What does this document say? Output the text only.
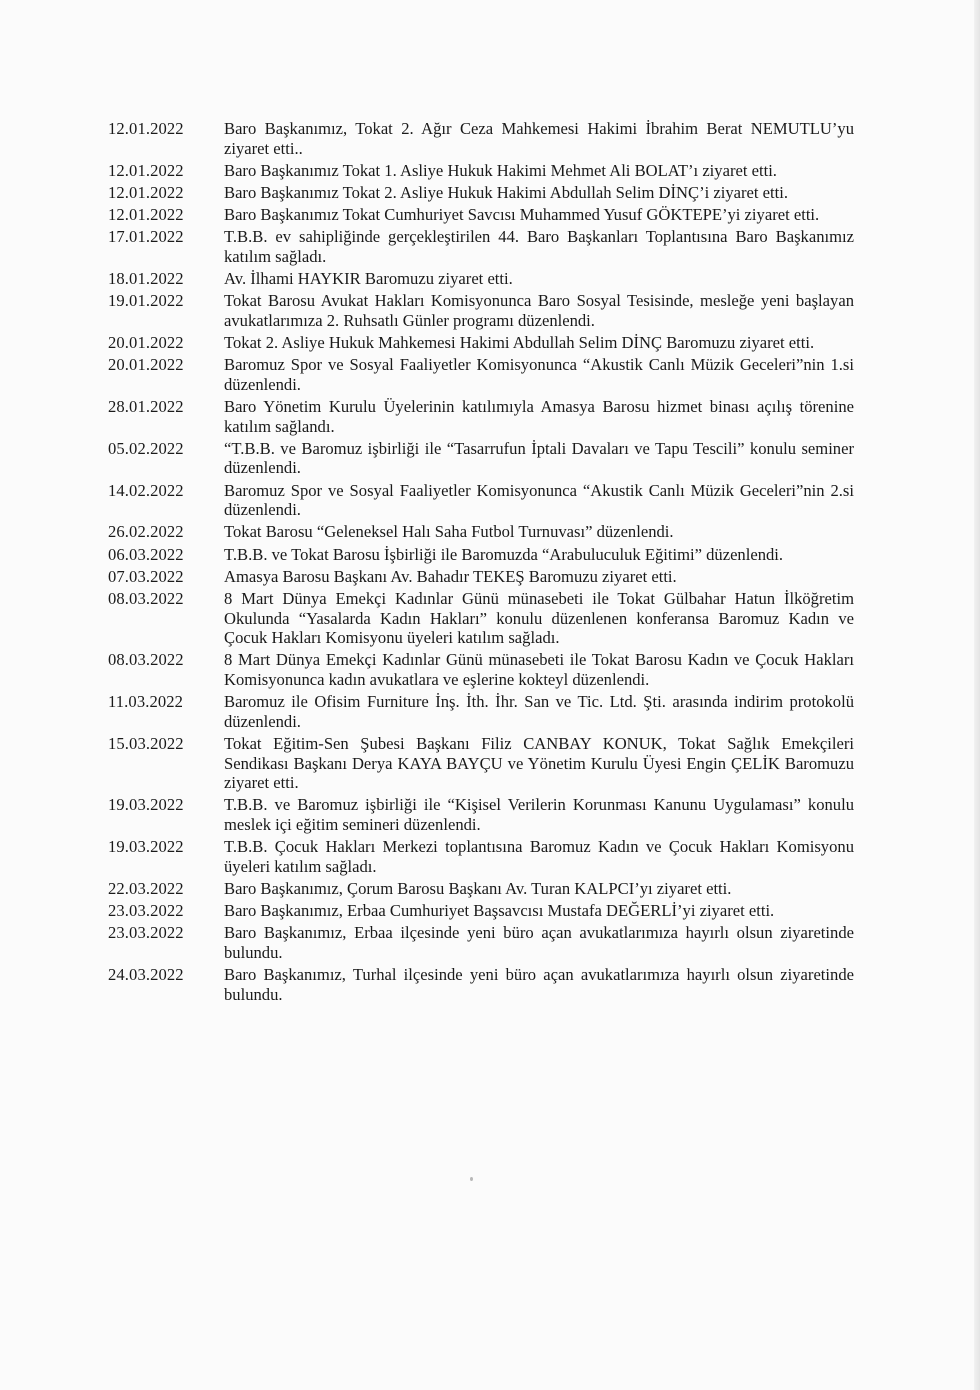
12.01.2022	Baro Başkanımız, Tokat 2. Ağır Ceza Mahkemesi Hakimi İbrahim Berat NEMUTLU’yu ziyaret etti..
12.01.2022	Baro Başkanımız Tokat 1. Asliye Hukuk Hakimi Mehmet Ali BOLAT’ı ziyaret etti.
12.01.2022	Baro Başkanımız Tokat 2. Asliye Hukuk Hakimi Abdullah Selim DİNÇ’i ziyaret etti.
12.01.2022	Baro Başkanımız Tokat Cumhuriyet Savcısı Muhammed Yusuf GÖKTEPE’yi ziyaret etti.
17.01.2022	T.B.B. ev sahipliğinde gerçekleştirilen 44. Baro Başkanları Toplantısına Baro Başkanımız katılım sağladı.
18.01.2022	Av. İlhami HAYKIR Baromuzu ziyaret etti.
19.01.2022	Tokat Barosu Avukat Hakları Komisyonunca Baro Sosyal Tesisinde, mesleğe yeni başlayan avukatlarımıza 2. Ruhsatlı Günler programı düzenlendi.
20.01.2022	Tokat 2. Asliye Hukuk Mahkemesi Hakimi Abdullah Selim DİNÇ Baromuzu ziyaret etti.
20.01.2022	Baromuz Spor ve Sosyal Faaliyetler Komisyonunca “Akustik Canlı Müzik Geceleri”nin 1.si düzenlendi.
28.01.2022	Baro Yönetim Kurulu Üyelerinin katılımıyla Amasya Barosu hizmet binası açılış törenine katılım sağlandı.
05.02.2022	“T.B.B. ve Baromuz işbirliği ile “Tasarrufun İptali Davaları ve Tapu Tescili” konulu seminer düzenlendi.
14.02.2022	Baromuz Spor ve Sosyal Faaliyetler Komisyonunca “Akustik Canlı Müzik Geceleri”nin 2.si düzenlendi.
26.02.2022	Tokat Barosu “Geleneksel Halı Saha Futbol Turnuvası” düzenlendi.
06.03.2022	T.B.B. ve Tokat Barosu İşbirliği ile Baromuzda “Arabuluculuk Eğitimi” düzenlendi.
07.03.2022	Amasya Barosu Başkanı Av. Bahadır TEKEŞ Baromuzu ziyaret etti.
08.03.2022	8 Mart Dünya Emekçi Kadınlar Günü münasebeti ile Tokat Gülbahar Hatun İlköğretim Okulunda “Yasalarda Kadın Hakları” konulu düzenlenen konferansa Baromuz Kadın ve Çocuk Hakları Komisyonu üyeleri katılım sağladı.
08.03.2022	8 Mart Dünya Emekçi Kadınlar Günü münasebeti ile Tokat Barosu Kadın ve Çocuk Hakları Komisyonunca kadın avukatlara ve eşlerine kokteyl düzenlendi.
11.03.2022	Baromuz ile Ofisim Furniture İnş. İth. İhr. San ve Tic. Ltd. Şti. arasında indirim protokolü düzenlendi.
15.03.2022	Tokat Eğitim-Sen Şubesi Başkanı Filiz CANBAY KONUK, Tokat Sağlık Emekçileri Sendikası Başkanı Derya KAYA BAYÇU ve Yönetim Kurulu Üyesi Engin ÇELİK Baromuzu ziyaret etti.
19.03.2022	T.B.B. ve Baromuz işbirliği ile “Kişisel Verilerin Korunması Kanunu Uygulaması” konulu meslek içi eğitim semineri düzenlendi.
19.03.2022	T.B.B. Çocuk Hakları Merkezi toplantısına Baromuz Kadın ve Çocuk Hakları Komisyonu üyeleri katılım sağladı.
22.03.2022	Baro Başkanımız, Çorum Barosu Başkanı Av. Turan KALPCI’yı ziyaret etti.
23.03.2022	Baro Başkanımız, Erbaa Cumhuriyet Başsavcısı Mustafa DEĞERLİ’yi ziyaret etti.
23.03.2022	Baro Başkanımız, Erbaa ilçesinde yeni büro açan avukatlarımıza hayırlı olsun ziyaretinde bulundu.
24.03.2022	Baro Başkanımız, Turhal ilçesinde yeni büro açan avukatlarımıza hayırlı olsun ziyaretinde bulundu.
